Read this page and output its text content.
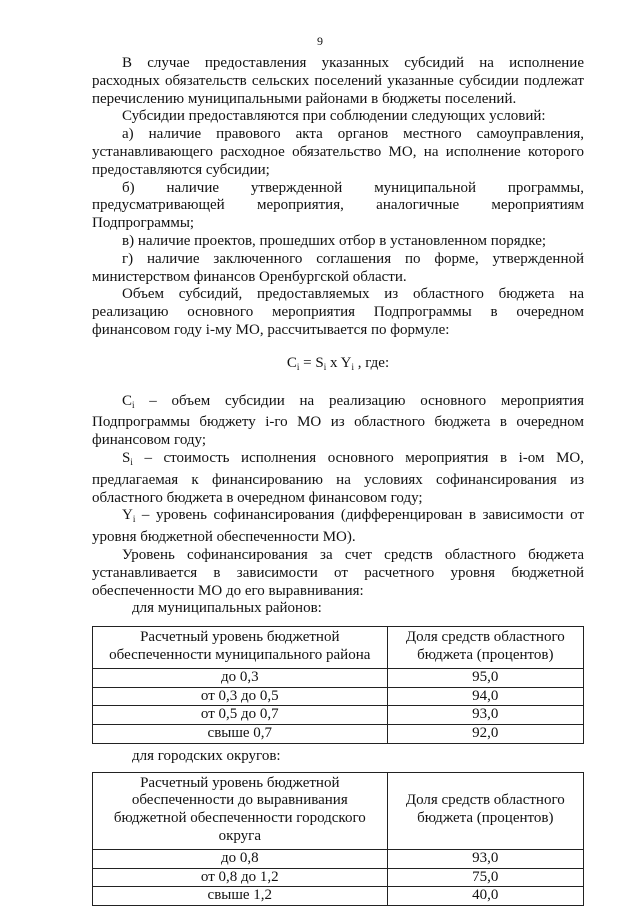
9

В случае предоставления указанных субсидий на исполнение расходных обязательств сельских поселений указанные субсидии подлежат перечислению муниципальными районами в бюджеты поселений.

Субсидии предоставляются при соблюдении следующих условий:

а) наличие правового акта органов местного самоуправления, устанавливающего расходное обязательство МО, на исполнение которого предоставляются субсидии;

б) наличие утвержденной муниципальной программы, предусматривающей мероприятия, аналогичные мероприятиям Подпрограммы;

в) наличие проектов, прошедших отбор в установленном порядке;

г) наличие заключенного соглашения по форме, утвержденной министерством финансов Оренбургской области.

Объем субсидий, предоставляемых из областного бюджета на реализацию основного мероприятия Подпрограммы в очередном финансовом году i-му МО, рассчитывается по формуле:

$C_i = S_i$ x $Y_i$ , где:

$C_i$ – объем субсидии на реализацию основного мероприятия Подпрограммы бюджету i-го МО из областного бюджета в очередном финансовом году;

$S_i$ – стоимость исполнения основного мероприятия в i-ом МО, предлагаемая к финансированию на условиях софинансирования из областного бюджета в очередном финансовом году;

$Y_i$ – уровень софинансирования (дифференцирован в зависимости от уровня бюджетной обеспеченности МО).

Уровень софинансирования за счет средств областного бюджета устанавливается в зависимости от расчетного уровня бюджетной обеспеченности МО до его выравнивания:

для муниципальных районов:

Расчетный уровень бюджетной обеспеченности муниципального района	Доля средств областного бюджета (процентов)
до 0,3	95,0
от 0,3 до 0,5	94,0
от 0,5 до 0,7	93,0
свыше 0,7	92,0

для городских округов:

Расчетный уровень бюджетной обеспеченности до выравнивания бюджетной обеспеченности городского округа	Доля средств областного бюджета (процентов)
до 0,8	93,0
от 0,8 до 1,2	75,0
свыше 1,2	40,0
